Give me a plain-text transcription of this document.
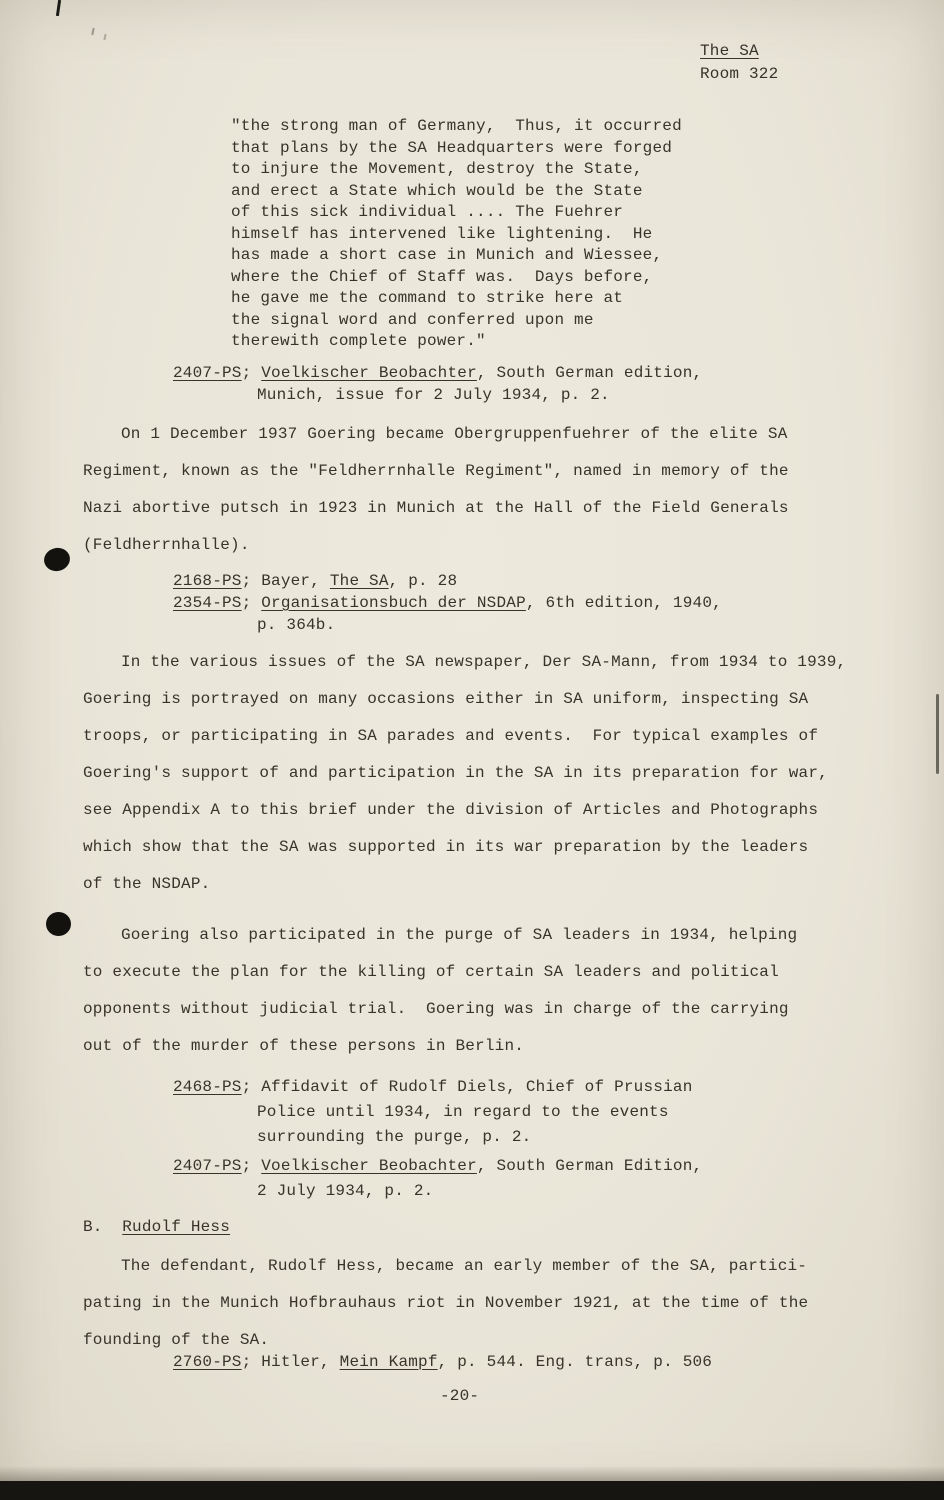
The SA
Room 322
"the strong man of Germany,  Thus, it occurred
that plans by the SA Headquarters were forged
to injure the Movement, destroy the State,
and erect a State which would be the State
of this sick individual .... The Fuehrer
himself has intervened like lightening.  He
has made a short case in Munich and Wiessee,
where the Chief of Staff was.  Days before,
he gave me the command to strike here at
the signal word and conferred upon me
therewith complete power."
2407-PS; Voelkischer Beobachter, South German edition,
Munich, issue for 2 July 1934, p. 2.
On 1 December 1937 Goering became Obergruppenfuehrer of the elite SA
Regiment, known as the "Feldherrnhalle Regiment", named in memory of the
Nazi abortive putsch in 1923 in Munich at the Hall of the Field Generals
(Feldherrnhalle).
2168-PS; Bayer, The SA, p. 28
2354-PS; Organisationsbuch der NSDAP, 6th edition, 1940,
p. 364b.
In the various issues of the SA newspaper, Der SA-Mann, from 1934 to 1939,
Goering is portrayed on many occasions either in SA uniform, inspecting SA
troops, or participating in SA parades and events.  For typical examples of
Goering's support of and participation in the SA in its preparation for war,
see Appendix A to this brief under the division of Articles and Photographs
which show that the SA was supported in its war preparation by the leaders
of the NSDAP.
Goering also participated in the purge of SA leaders in 1934, helping
to execute the plan for the killing of certain SA leaders and political
opponents without judicial trial.  Goering was in charge of the carrying
out of the murder of these persons in Berlin.
2468-PS; Affidavit of Rudolf Diels, Chief of Prussian
Police until 1934, in regard to the events
surrounding the purge, p. 2.
2407-PS; Voelkischer Beobachter, South German Edition,
2 July 1934, p. 2.
B. Rudolf Hess
The defendant, Rudolf Hess, became an early member of the SA, partici-
pating in the Munich Hofbrauhaus riot in November 1921, at the time of the
founding of the SA.
2760-PS; Hitler, Mein Kampf, p. 544. Eng. trans, p. 506
-20-
